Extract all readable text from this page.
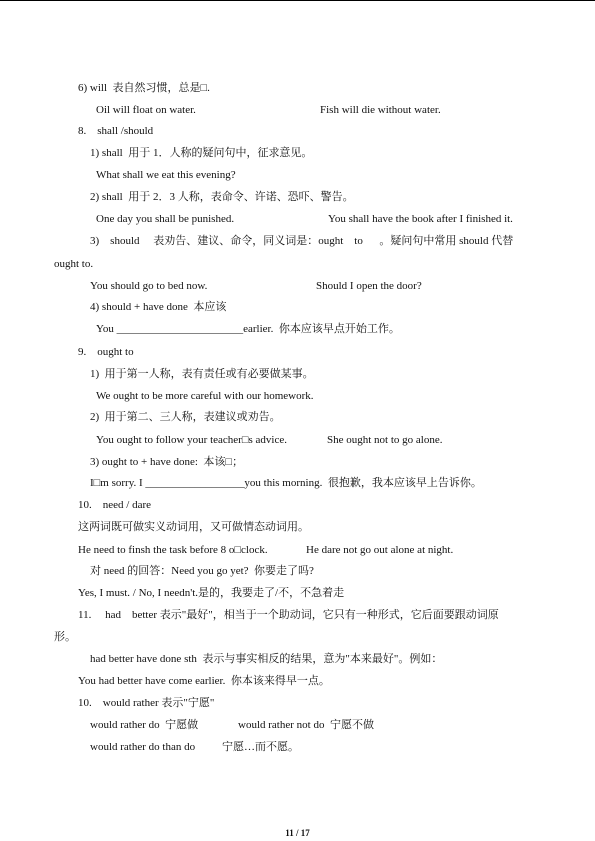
6) will  表自然习惯，总是□.
Oil will float on water.	Fish will die without water.
8.    shall /should
1) shall  用于 1．人称的疑问句中，征求意见。
What shall we eat this evening?
2) shall  用于 2．3 人称，表命令、许诺、恐吓、警告。
One day you shall be punished.	You shall have the book after I finished it.
3)    should     表劝告、建议、命令，同义词是：ought    to      。疑问句中常用 should 代替
ought to.
You should go to bed now.	Should I open the door?
4) should + have done  本应该
You _______________________earlier.  你本应该早点开始工作。
9.    ought to
1)  用于第一人称，表有责任或有必要做某事。
We ought to be more careful with our homework.
2)  用于第二、三人称，表建议或劝告。
You ought to follow your teacher□s advice.	She ought not to go alone.
3) ought to + have done:  本该□；
I□m sorry. I __________________you this morning.  很抱歉，我本应该早上告诉你。
10.    need / dare
这两词既可做实义动词用，又可做情态动词用。
He need to finsh the task before 8 o□clock.	He dare not go out alone at night.
对 need 的回答：Need you go yet?  你要走了吗?
Yes, I must. / No, I needn't.是的，我要走了/不，不急着走
11.     had    better 表示"最好"，相当于一个助动词，它只有一种形式，它后面要跟动词原
形。
had better have done sth  表示与事实相反的结果，意为"本来最好"。例如：
You had better have come earlier.  你本该来得早一点。
10.    would rather 表示"宁愿"
would rather do  宁愿做	would rather not do  宁愿不做
would rather do than do 宁愿…而不愿。
11 / 17
